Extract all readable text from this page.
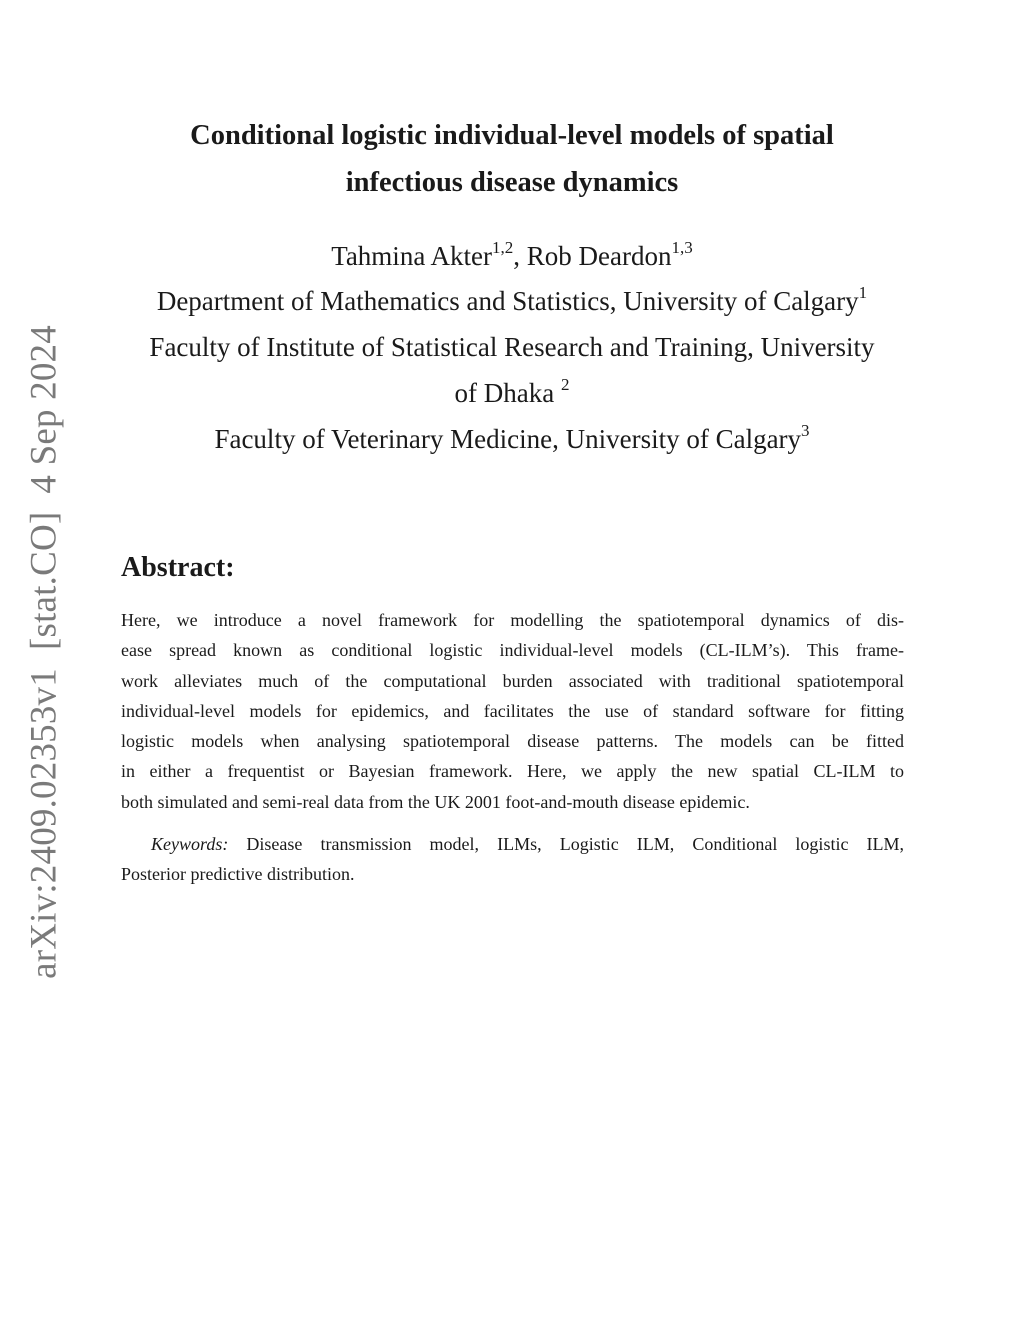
arXiv:2409.02353v1[stat.CO]4 Sep 2024
Conditional logistic individual-level models of spatial
infectious disease dynamics

Tahmina Akter$^{1,2}$, Rob Deardon$^{1,3}$

Department of Mathematics and Statistics, University of Calgary$^1$

Faculty of Institute of Statistical Research and Training, University
of Dhaka $^2$

Faculty of Veterinary Medicine, University of Calgary$^3$

Abstract:

Here, we introduce a novel framework for modelling the spatiotemporal dynamics of dis-
ease spread known as conditional logistic individual-level models (CL-ILM’s). This frame-
work alleviates much of the computational burden associated with traditional spatiotemporal
individual-level models for epidemics, and facilitates the use of standard software for fitting
logistic models when analysing spatiotemporal disease patterns. The models can be fitted
in either a frequentist or Bayesian framework. Here, we apply the new spatial CL-ILM to
both simulated and semi-real data from the UK 2001 foot-and-mouth disease epidemic.

Keywords: Disease transmission model, ILMs, Logistic ILM, Conditional logistic ILM,
Posterior predictive distribution.
